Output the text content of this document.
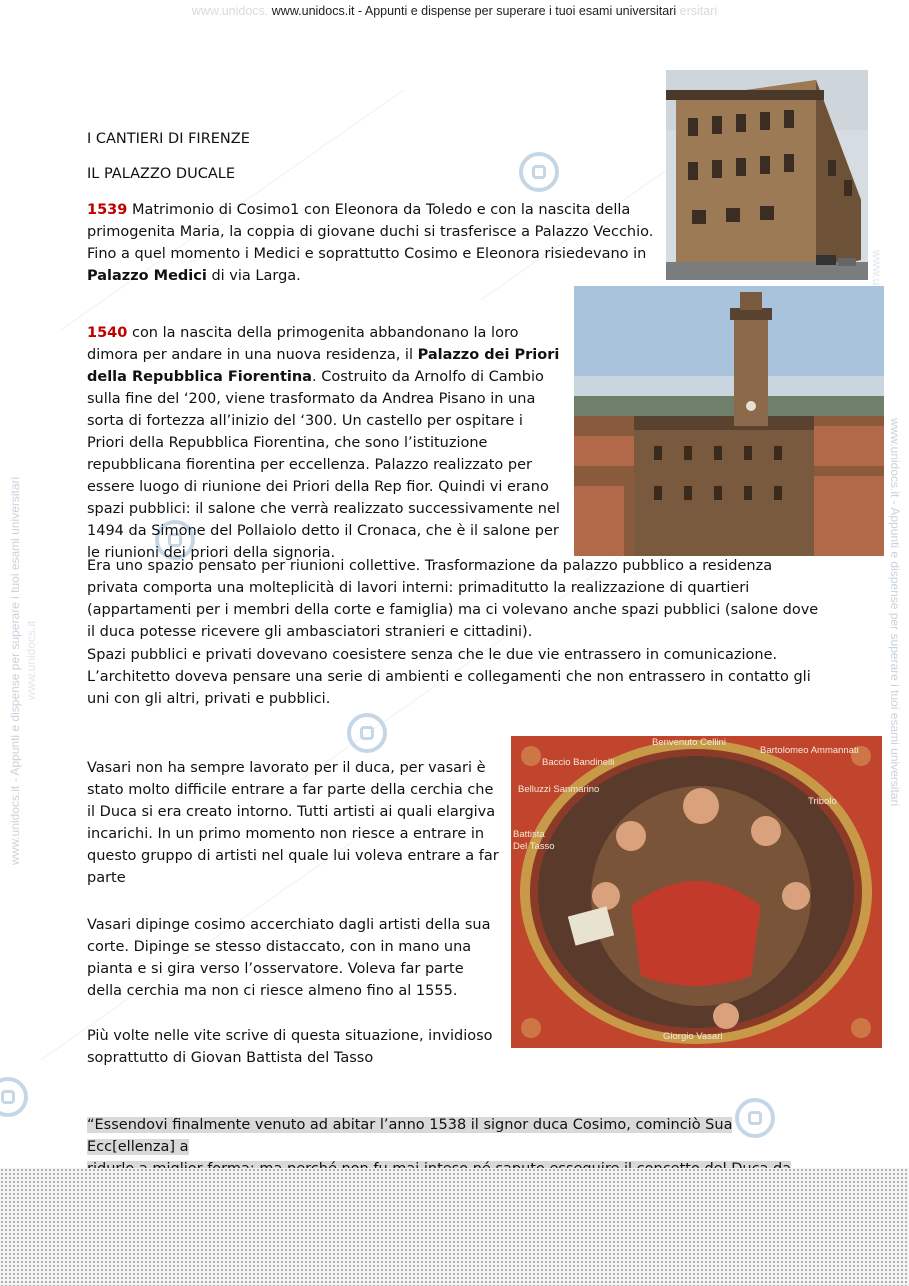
www.unidocs. www.unidocs.it - Appunti e dispense per superare i tuoi esami universitari ersitari
www.unidocs.it - Appunti e dispense per superare i tuoi esami universitari www.unidocs.it	www.unidocs.it - Appunti e dispense per superare i tuoi esami universitari
Benvenuto Cellini
Bartolomeo Ammannati
Baccio Bandinelli
Belluzzi Sanmarino
Tribolo
Battista
Del Tasso
Giorgio Vasari
I CANTIERI DI FIRENZE
IL PALAZZO DUCALE
1539 Matrimonio di Cosimo1 con Eleonora da Toledo e con la nascita della primogenita Maria, la coppia di giovane duchi si trasferisce a Palazzo Vecchio. Fino a quel momento i Medici e soprattutto Cosimo e Eleonora risiedevano in Palazzo Medici di via Larga.
1540 con la nascita della primogenita abbandonano la loro dimora per andare in una nuova residenza, il Palazzo dei Priori della Repubblica Fiorentina. Costruito da Arnolfo di Cambio sulla fine del ‘200, viene trasformato da Andrea Pisano in una sorta di fortezza all’inizio del ‘300. Un castello per ospitare i Priori della Repubblica Fiorentina, che sono l’istituzione repubblicana fiorentina per eccellenza. Palazzo realizzato per essere luogo di riunione dei Priori della Rep fior. Quindi vi erano spazi pubblici: il salone che verrà realizzato successivamente nel 1494 da Simone del Pollaiolo detto il Cronaca, che è il salone per le riunioni dei priori della signoria.
Era uno spazio pensato per riunioni collettive. Trasformazione da palazzo pubblico a residenza privata comporta una molteplicità di lavori interni: primaditutto la realizzazione di quartieri (appartamenti per i membri della corte e famiglia) ma ci volevano anche spazi pubblici (salone dove il duca potesse ricevere gli ambasciatori stranieri e cittadini).
Spazi pubblici e privati dovevano coesistere senza che le due vie entrassero in comunicazione. L’architetto doveva pensare una serie di ambienti e collegamenti che non entrassero in contatto gli uni con gli altri, privati e pubblici.
Vasari non ha sempre lavorato per il duca, per vasari è stato molto difficile entrare a far parte della cerchia che il Duca si era creato intorno. Tutti artisti ai quali elargiva incarichi. In un primo momento non riesce a entrare in questo gruppo di artisti nel quale lui voleva entrare a far parte
Vasari dipinge cosimo accerchiato dagli artisti della sua corte. Dipinge se stesso distaccato, con in mano una pianta e si gira verso l’osservatore. Voleva far parte della cerchia ma non ci riesce almeno fino al 1555.
Più volte nelle vite scrive di questa situazione, invidioso soprattutto di Giovan Battista del Tasso
“Essendovi finalmente venuto ad abitar l’anno 1538 il signor duca Cosimo, cominciò Sua Ecc[ellenza] a
